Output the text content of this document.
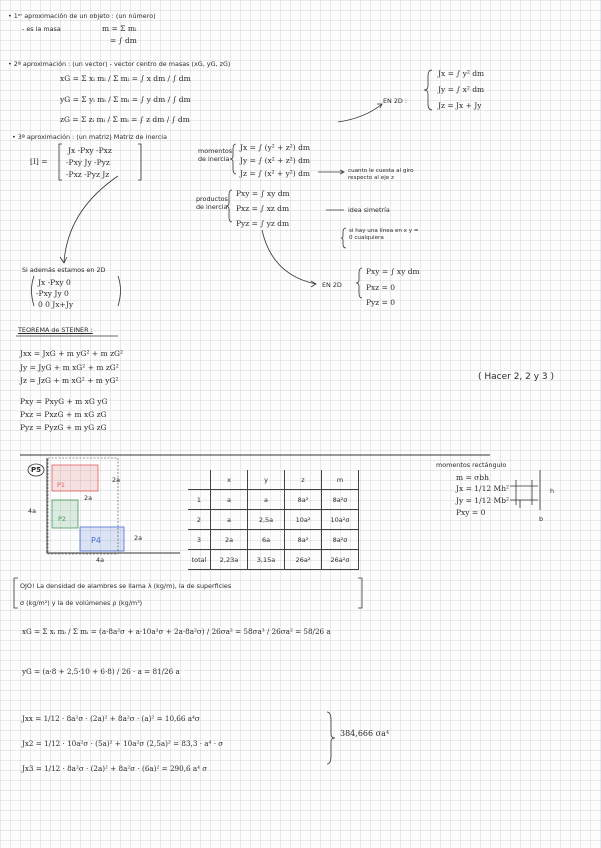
• 1ᵉʳ aproximación de un objeto : (un número)
- es la masa	m = Σ mᵢ
= ∫ dm
• 2ª aproximación : (un vector) - vector centro de masas (xG, yG, zG)
xG = Σ xᵢ mᵢ / Σ mᵢ = ∫ x dm / ∫ dm
yG = Σ yᵢ mᵢ / Σ mᵢ = ∫ y dm / ∫ dm
zG = Σ zᵢ mᵢ / Σ mᵢ = ∫ z dm / ∫ dm
EN 2D :
Jx = ∫ y² dm
Jy = ∫ x² dm
Jz = Jx + Jy
• 3ª aproximación : (un matriz) Matriz de inercia
[I] =
Jx -Pxy -Pxz
-Pxy Jy -Pyz
-Pxz -Pyz Jz
momentos de inercia
Jx = ∫ (y² + z²) dm
Jy = ∫ (x² + z²) dm
Jz = ∫ (x² + y²) dm	cuanto le cuesta al giro respecto al eje z
productos de inercia
Pxy = ∫ xy dm
Pxz = ∫ xz dm
Pyz = ∫ yz dm
idea simetría
si hay una línea en x y = 0 cualquiera
Si además estamos en 2D
Jx -Pxy 0
-Pxy Jy 0
0 0 Jx+Jy
EN 2D
Pxy = ∫ xy dm
Pxz = 0
Pyz = 0
TEOREMA de STEINER :
Jxx = JxG + m yG² + m zG²
Jy = JyG + m xG² + m zG²
Jz = JzG + m xG² + m yG²
Pxy = PxyG + m xG yG
Pxz = PxzG + m xG zG
Pyz = PyzG + m yG zG
( Hacer 2, 2 y 3 )
P5
2a
2a
4a
2a
4a
	x	y	z	m
1	a	a	8a²	8a²σ
2	a	2,5a	10a²	10a²σ
3	2a	6a	8a²	8a²σ
total	2,23a	3,15a	26a²	26a²σ
momentos rectángulo
m = σbh
Jx = 1/12 Mh²
Jy = 1/12 Mb²
Pxy = 0
b
h
OJO! La densidad de alambres se llama λ (kg/m), la de superficies
σ (kg/m²) y la de volúmenes ρ (kg/m³)
xG = Σ xᵢ mᵢ / Σ mᵢ = (a·8a²σ + a·10a²σ + 2a·8a²σ) / 26σa² = 58σa³ / 26σa² = 58/26 a
yG = (a·8 + 2,5·10 + 6·8) / 26 · a = 81/26 a
Jxx = 1/12 · 8a²σ · (2a)² + 8a²σ · (a)² = 10,66 a⁴σ
Jx2 = 1/12 · 10a²σ · (5a)² + 10a²σ (2,5a)² = 83,3 · a⁴ · σ
Jx3 = 1/12 · 8a²σ · (2a)² + 8a²σ · (6a)² = 290,6 a⁴ σ
384,666 σa⁴
